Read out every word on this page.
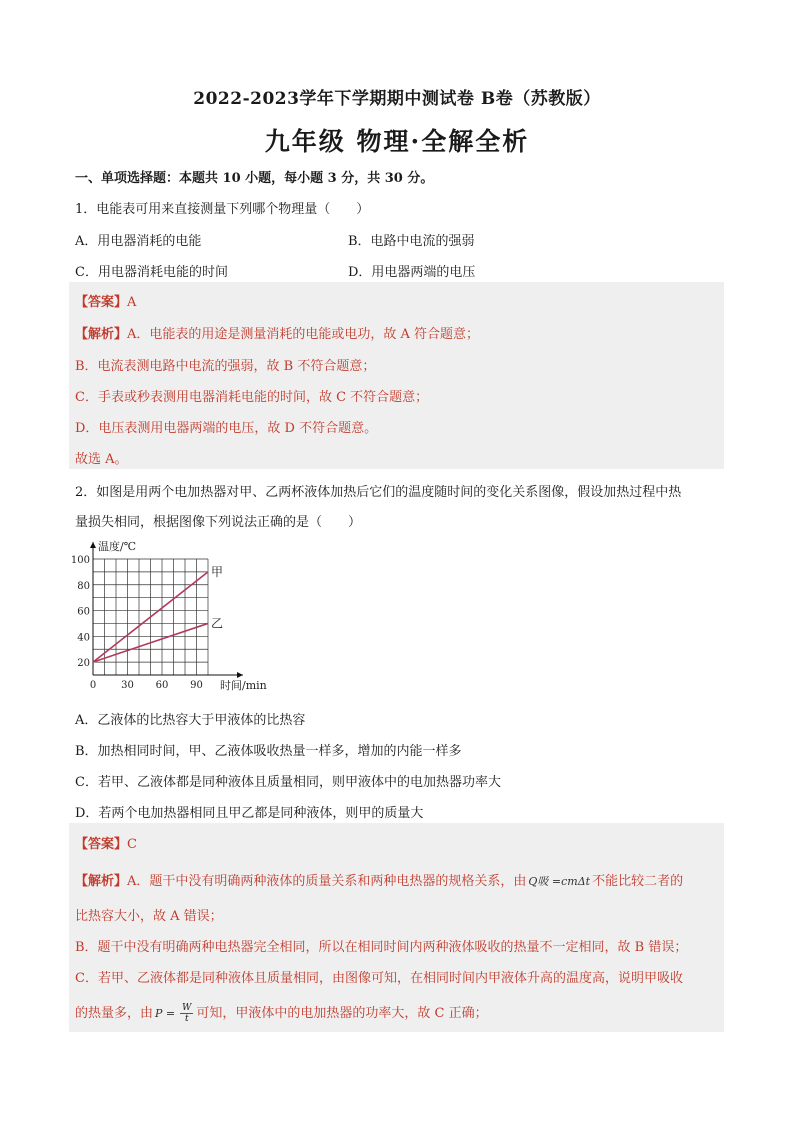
2022-2023学年下学期期中测试卷 B卷（苏教版）
九年级 物理·全解全析
一、单项选择题：本题共 10 小题，每小题 3 分，共 30 分。
1．电能表可用来直接测量下列哪个物理量（　　）
A．用电器消耗的电能	B．电路中电流的强弱
C．用电器消耗电能的时间	D．用电器两端的电压
【答案】A
【解析】A．电能表的用途是测量消耗的电能或电功，故 A 符合题意；
B．电流表测电路中电流的强弱，故 B 不符合题意；
C．手表或秒表测用电器消耗电能的时间，故 C 不符合题意；
D．电压表测用电器两端的电压，故 D 不符合题意。
故选 A。
2．如图是用两个电加热器对甲、乙两杯液体加热后它们的温度随时间的变化关系图像，假设加热过程中热
量损失相同，根据图像下列说法正确的是（　　）
20
40
60
80
100
0 30 60 90
甲
乙
温度/℃
时间/min
A．乙液体的比热容大于甲液体的比热容
B．加热相同时间，甲、乙液体吸收热量一样多，增加的内能一样多
C．若甲、乙液体都是同种液体且质量相同，则甲液体中的电加热器功率大
D．若两个电加热器相同且甲乙都是同种液体，则甲的质量大
【答案】C
【解析】A．题干中没有明确两种液体的质量关系和两种电热器的规格关系，由 Q吸 =cmΔt 不能比较二者的
比热容大小，故 A 错误；
B．题干中没有明确两种电热器完全相同，所以在相同时间内两种液体吸收的热量不一定相同，故 B 错误；
C．若甲、乙液体都是同种液体且质量相同，由图像可知，在相同时间内甲液体升高的温度高，说明甲吸收
的热量多，由 $P = \frac{W}{t}$ 可知，甲液体中的电加热器的功率大，故 C 正确；
